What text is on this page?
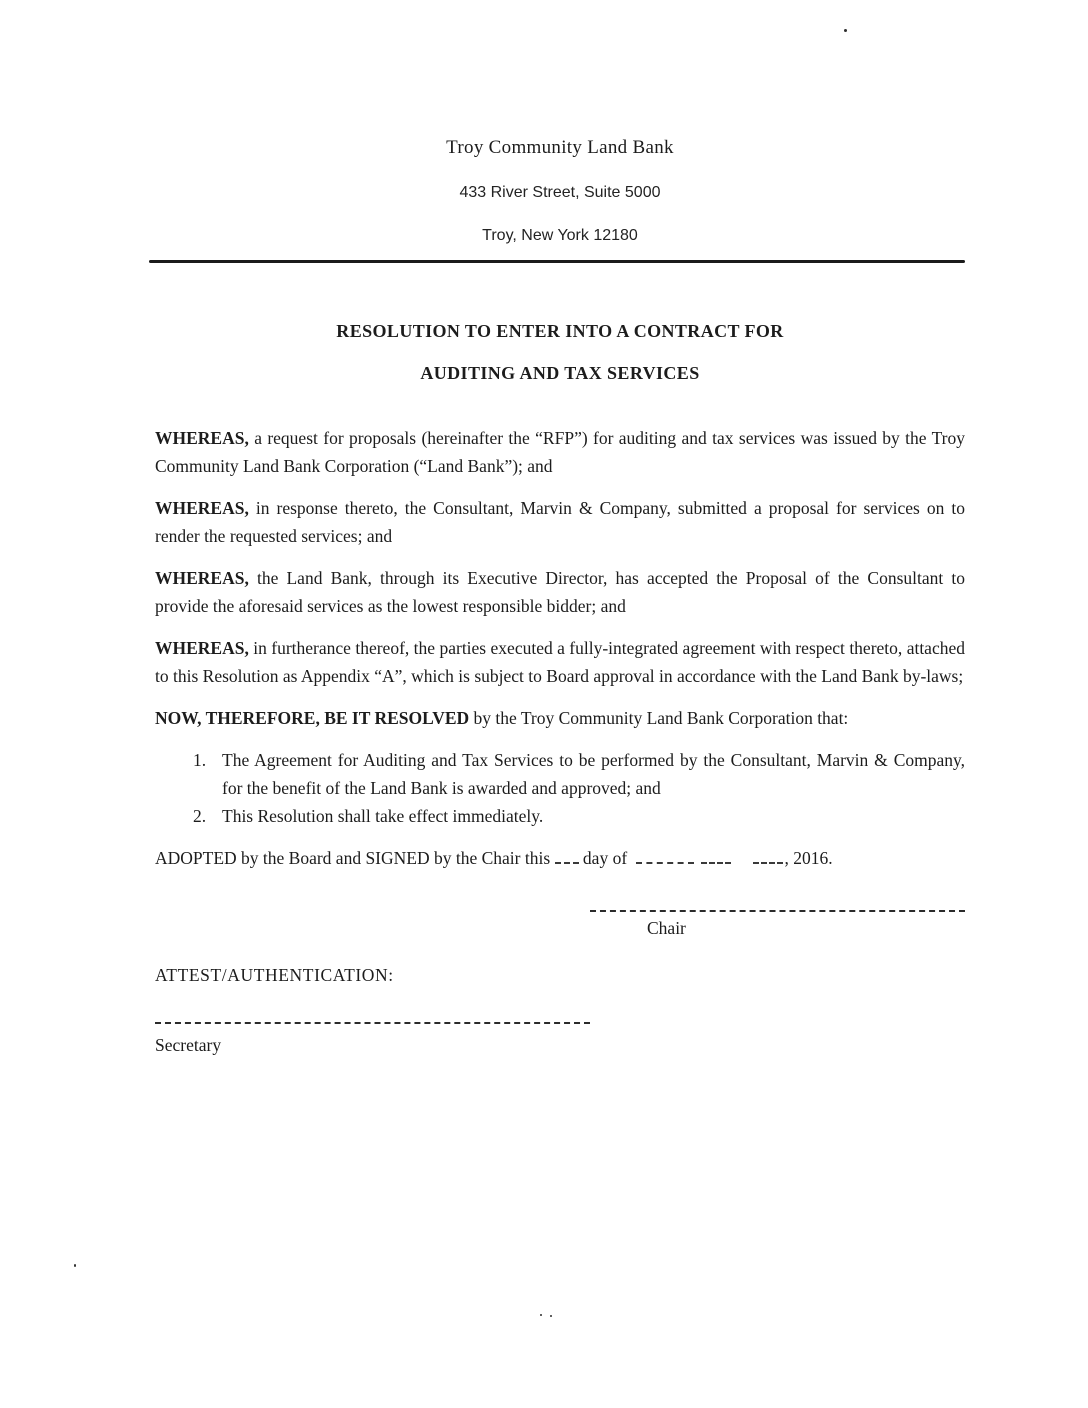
Troy Community Land Bank
433 River Street, Suite 5000
Troy, New York 12180
RESOLUTION TO ENTER INTO A CONTRACT FOR
AUDITING AND TAX SERVICES

WHEREAS, a request for proposals (hereinafter the “RFP”) for auditing and tax services was issued by the Troy Community Land Bank Corporation (“Land Bank”); and

WHEREAS, in response thereto, the Consultant, Marvin & Company, submitted a proposal for services on to render the requested services; and

WHEREAS, the Land Bank, through its Executive Director, has accepted the Proposal of the Consultant to provide the aforesaid services as the lowest responsible bidder; and

WHEREAS, in furtherance thereof, the parties executed a fully-integrated agreement with respect thereto, attached to this Resolution as Appendix “A”, which is subject to Board approval in accordance with the Land Bank by-laws;

NOW, THEREFORE, BE IT RESOLVED by the Troy Community Land Bank Corporation that:

1. The Agreement for Auditing and Tax Services to be performed by the Consultant, Marvin & Company, for the benefit of the Land Bank is awarded and approved; and
2. This Resolution shall take effect immediately.

ADOPTED by the Board and SIGNED by the Chair this day of	, 2016.

Chair
ATTEST/AUTHENTICATION:
Secretary
